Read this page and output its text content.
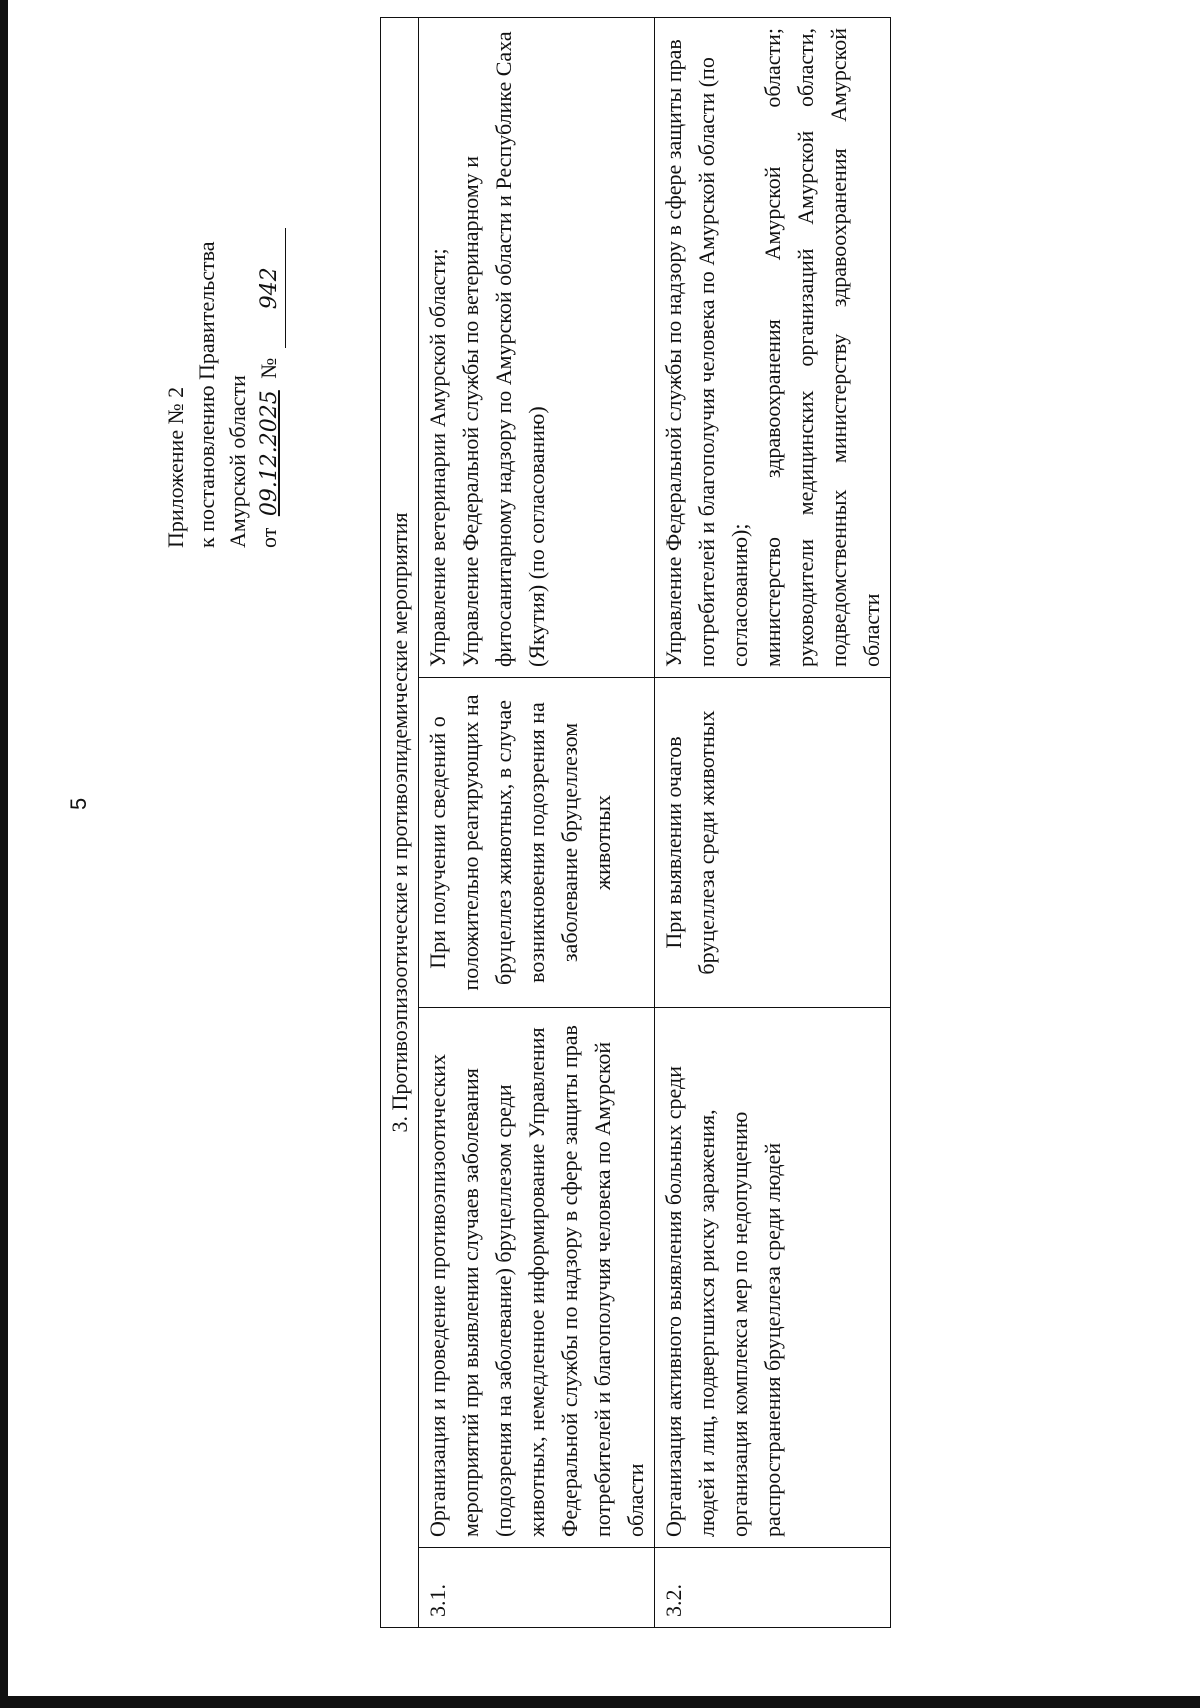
5
Приложение № 2 к постановлению Правительства Амурской области от 09.12.2025 № 942
3. Противоэпизоотические и противоэпидемические мероприятия			
3.1.	Организация и проведение противоэпизоотических мероприятий при выявлении случаев заболевания (подозрения на заболевание) бруцеллезом среди животных, немедленное информирование Управления Федеральной службы по надзору в сфере защиты прав потребителей и благополучия человека по Амурской области	При получении сведений о положительно реагирующих на бруцеллез животных, в случае возникновения подозрения на заболевание бруцеллезом животных	Управление ветеринарии Амурской области; Управление Федеральной службы по ветеринарному и фитосанитарному надзору по Амурской области и Республике Саха (Якутия) (по согласованию)

3.2.	Организация активного выявления больных среди людей и лиц, подвергшихся риску заражения, организация комплекса мер по недопущению распространения бруцеллеза среди людей	При выявлении очагов бруцеллеза среди животных	Управление Федеральной службы по надзору в сфере защиты прав потребителей и благополучия человека по Амурской области (по согласованию); министерство здравоохранения Амурской области; руководители медицинских организаций Амурской области, подведомственных министерству здравоохранения Амурской области
